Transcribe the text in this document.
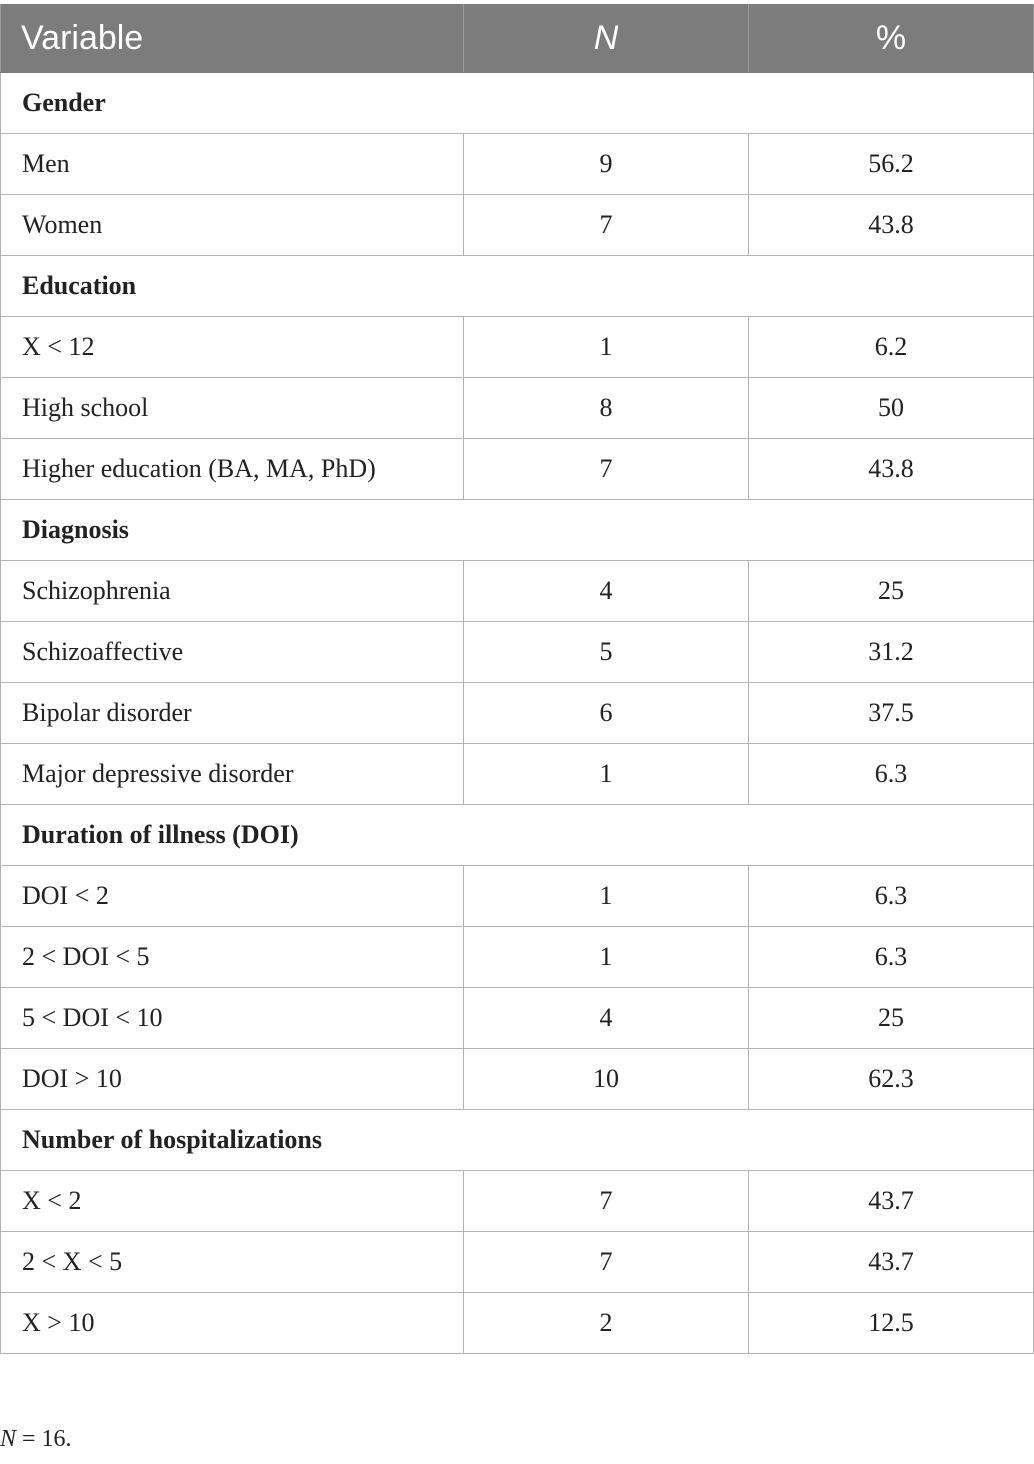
Variable	N	%
Gender		
Men	9	56.2
Women	7	43.8
Education		
X < 12	1	6.2
High school	8	50
Higher education (BA, MA, PhD)	7	43.8
Diagnosis		
Schizophrenia	4	25
Schizoaffective	5	31.2
Bipolar disorder	6	37.5
Major depressive disorder	1	6.3
Duration of illness (DOI)		
DOI < 2	1	6.3
2 < DOI < 5	1	6.3
5 < DOI < 10	4	25
DOI > 10	10	62.3
Number of hospitalizations		
X < 2	7	43.7
2 < X < 5	7	43.7
X > 10	2	12.5
N = 16.
